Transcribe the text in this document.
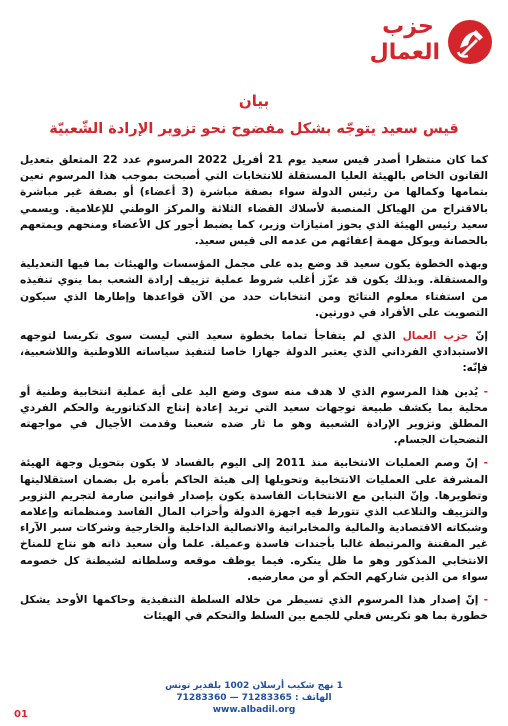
حزب
العمال
بيان
قيس سعيد يتوجّه بشكل مفضوح نحو تزوير الإرادة الشّعبيّة

كما كان منتظرا أصدر قيس سعيد يوم 21 أفريل 2022 المرسوم عدد 22 المتعلق بتعديل القانون الخاص بالهيئة العليا المستقلة للانتخابات التي أصبحت بموجب هذا المرسوم تعين بتمامها وكمالها من رئيس الدولة سواء بصفة مباشرة (3 أعضاء) أو بصفة غير مباشرة بالاقتراح من الهياكل المنصبة لأسلاك القضاء الثلاثة والمركز الوطني للإعلامية. ويسمي سعيد رئيس الهيئة الذي يحوز امتيازات وزير، كما يضبط أجور كل الأعضاء ومنحهم ويمتعهم بالحصانة ويوكل مهمة إعفائهم من عدمه الى قيس سعيد.

وبهذه الخطوة يكون سعيد قد وضع يده على مجمل المؤسسات والهيئات بما فيها التعديلية والمستقلة. وبذلك يكون قد عزّز أغلب شروط عملية تزييف إرادة الشعب بما ينوي تنفيذه من استفتاء معلوم النتائج ومن انتخابات حدد من الآن قواعدها وإطارها الذي سيكون التصويت على الأفراد في دورتين.

إنّ حزب العمال الذي لم يتفاجأ تماما بخطوة سعيد التي ليست سوى تكريسا لتوجهه الاستبدادي الفرداني الذي يعتبر الدولة جهازا خاصا لتنفيذ سياساته اللاوطنية واللاشعبية، فإنّه:

- يُدين هذا المرسوم الذي لا هدف منه سوى وضع اليد على أية عملية انتخابية وطنية أو محلية بما يكشف طبيعة توجهات سعيد التي تريد إعادة إنتاج الدكتاتورية والحكم الفردي المطلق وتزوير الإرادة الشعبية وهو ما ثار ضده شعبنا وقدمت الأجيال في مواجهته التضحيات الجسام.

- إنّ وصم العمليات الانتخابية منذ 2011 إلى اليوم بالفساد لا يكون بتحويل وجهة الهيئة المشرفة على العمليات الانتخابية وتحويلها إلى هيئة الحاكم بأمره بل بضمان استقلاليتها وتطويرها. وإنّ التباين مع الانتخابات الفاسدة يكون بإصدار قوانين صارمة لتجريم التزوير والتزييف والتلاعب الذي تتورط فيه اجهزة الدولة وأحزاب المال الفاسد ومنظماته وإعلامه وشبكاته الاقتصادية والمالية والمخابراتية والاتصالية الداخلية والخارجية وشركات سبر الآراء غير المقننة والمرتبطة غالبا بأجندات فاسدة وعميلة. علما وأن سعيد ذاته هو نتاج للمناخ الانتخابي المذكور وهو ما ظل ينكره. فيما يوظف موقعه وسلطاته لشيطنة كل خصومه سواء من الذين شاركهم الحكم أو من معارضيه.

- إنّ إصدار هذا المرسوم الذي تسيطر من خلاله السلطة التنفيذية وحاكمها الأوحد يشكل خطورة بما هو تكريس فعلي للجمع بين السلط والتحكم في الهيئات

1 نهج شكيب أرسلان 1002 بلفدير تونس
الهاتف : 71283365 — 71283360
www.albadil.org
01
